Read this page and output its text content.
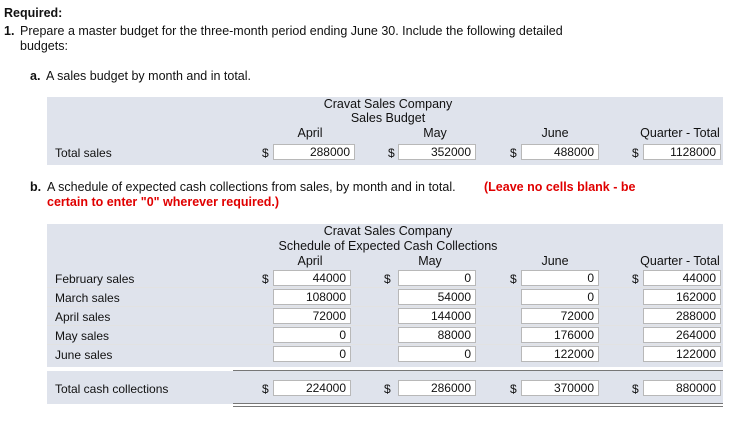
Required:
1. Prepare a master budget for the three-month period ending June 30. Include the following detailed
budgets:
a. A sales budget by month and in total.
Cravat Sales Company
Sales Budget
April	May	June	Quarter - Total
Total sales	$	288000	$	352000	$	488000	$	1128000
b. A schedule of expected cash collections from sales, by month and in total. (Leave no cells blank - be
certain to enter "0" wherever required.)
Cravat Sales Company
Schedule of Expected Cash Collections
April	May	June	Quarter - Total
February sales	$	44000	$	0	$	0	$	44000
March sales	108000	54000	0	162000
April sales	72000	144000	72000	288000
May sales	0	88000	176000	264000
June sales	0	0	122000	122000
Total cash collections	$	224000	$	286000	$	370000	$	880000
